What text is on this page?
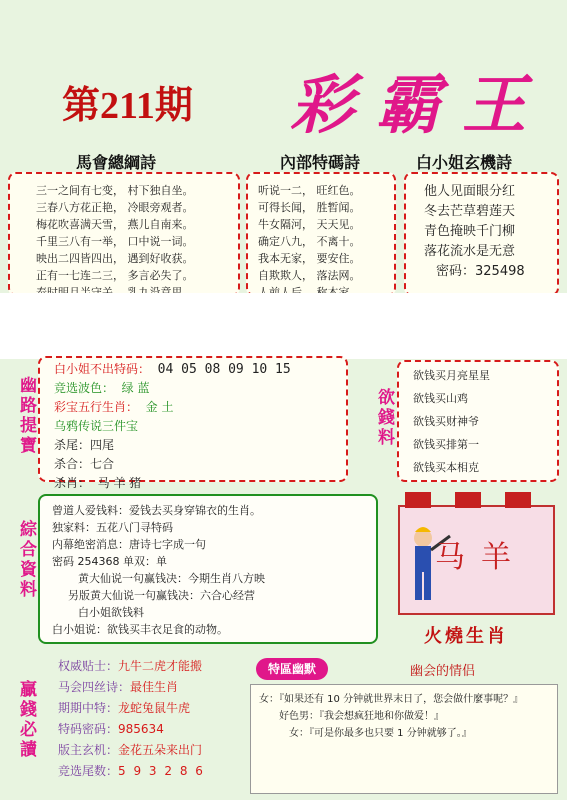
第211期 彩霸王
馬會總綱詩	內部特碼詩	白小姐玄機詩
三一之间有七变， 村下独自坐。
三春八方花正艳， 冷眼旁观者。
梅花吹喜满天雪， 燕儿自南来。
千里三八有一举， 口中说一词。
映出二四皆四出， 遇到好收获。
正有一七连二三， 多言必失了。
听说一二， 旺红色。
可得长闻， 胜暂闻。
牛女隔河， 天天见。
确定八九， 不离十。
我本无家， 要安住。
自欺欺人， 落法网。
他人见面眼分红
冬去芒草碧莲天
青色掩映千门柳
落花流水是无意
密码：325498
幽路提寶
白小姐不出特码： 04 05 08 09 10 15
竞选波色： 绿 蓝
彩宝五行生肖： 金 土
乌鸦传说三件宝
杀尾：四尾
杀合：七合
杀肖： 马 羊 猪
欲錢料
欲钱买月亮星星
欲钱买山鸡
欲钱买财神爷
欲钱买排第一
欲钱买本相克
綜合資料
曾道人爱钱料：爱钱去买身穿锦衣的生肖。
独家料：五花八门寻特码
内幕绝密消息：唐诗七字成一句
密码 254368 单双：单
黄大仙说一句赢钱决：今期生肖八方映
另版黄大仙说一句赢钱决：六合心经营
白小姐欲钱料
白小姐说：欲钱买丰衣足食的动物。
马羊
火燒生肖
贏錢必讀
权威贴士：九牛二虎才能搬
马会四丝诗：最佳生肖
期期中特：龙蛇兔鼠牛虎
特码密码：985634
版主玄机：金花五朵来出门
竞选尾数：5 9 3 2 8 6
特區幽默	幽会的情侣
女：『如果还有 10 分钟就世界末日了，您会做什麼事呢？』
好色男：『我会想疯狂地和你做爱！』
女：『可是你最多也只要 1 分钟就够了。』
